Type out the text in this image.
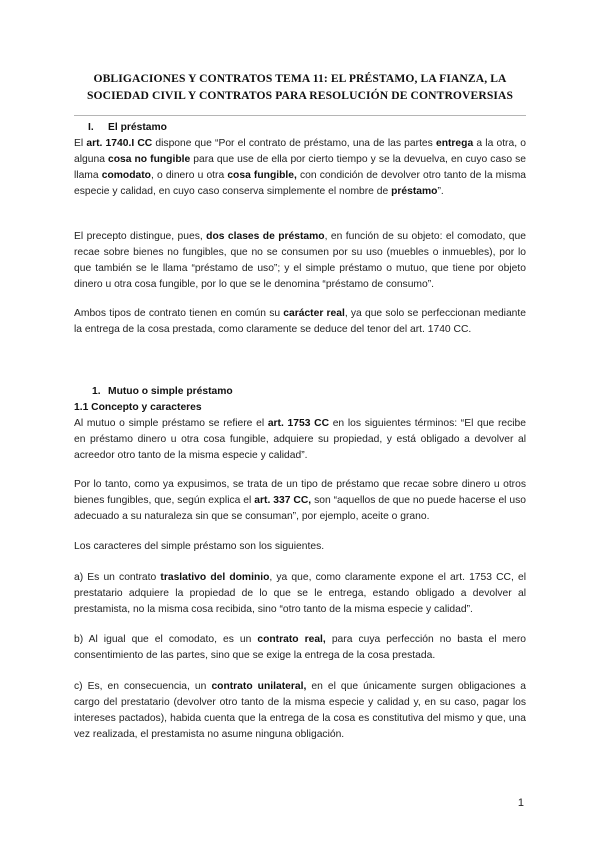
OBLIGACIONES Y CONTRATOS TEMA 11: EL PRÉSTAMO, LA FIANZA, LA SOCIEDAD CIVIL Y CONTRATOS PARA RESOLUCIÓN DE CONTROVERSIAS
I. El préstamo

El art. 1740.I CC dispone que “Por el contrato de préstamo, una de las partes entrega a la otra, o alguna cosa no fungible para que use de ella por cierto tiempo y se la devuelva, en cuyo caso se llama comodato, o dinero u otra cosa fungible, con condición de devolver otro tanto de la misma especie y calidad, en cuyo caso conserva simplemente el nombre de préstamo”.

El precepto distingue, pues, dos clases de préstamo, en función de su objeto: el comodato, que recae sobre bienes no fungibles, que no se consumen por su uso (muebles o inmuebles), por lo que también se le llama “préstamo de uso”; y el simple préstamo o mutuo, que tiene por objeto dinero u otra cosa fungible, por lo que se le denomina “préstamo de consumo”.

Ambos tipos de contrato tienen en común su carácter real, ya que solo se perfeccionan mediante la entrega de la cosa prestada, como claramente se deduce del tenor del art. 1740 CC.

1. Mutuo o simple préstamo
1.1 Concepto y caracteres

Al mutuo o simple préstamo se refiere el art. 1753 CC en los siguientes términos: “El que recibe en préstamo dinero u otra cosa fungible, adquiere su propiedad, y está obligado a devolver al acreedor otro tanto de la misma especie y calidad”.

Por lo tanto, como ya expusimos, se trata de un tipo de préstamo que recae sobre dinero u otros bienes fungibles, que, según explica el art. 337 CC, son “aquellos de que no puede hacerse el uso adecuado a su naturaleza sin que se consuman”, por ejemplo, aceite o grano.

Los caracteres del simple préstamo son los siguientes.

a) Es un contrato traslativo del dominio, ya que, como claramente expone el art. 1753 CC, el prestatario adquiere la propiedad de lo que se le entrega, estando obligado a devolver al prestamista, no la misma cosa recibida, sino “otro tanto de la misma especie y calidad”.

b) Al igual que el comodato, es un contrato real, para cuya perfección no basta el mero consentimiento de las partes, sino que se exige la entrega de la cosa prestada.

c) Es, en consecuencia, un contrato unilateral, en el que únicamente surgen obligaciones a cargo del prestatario (devolver otro tanto de la misma especie y calidad y, en su caso, pagar los intereses pactados), habida cuenta que la entrega de la cosa es constitutiva del mismo y que, una vez realizada, el prestamista no asume ninguna obligación.

1
